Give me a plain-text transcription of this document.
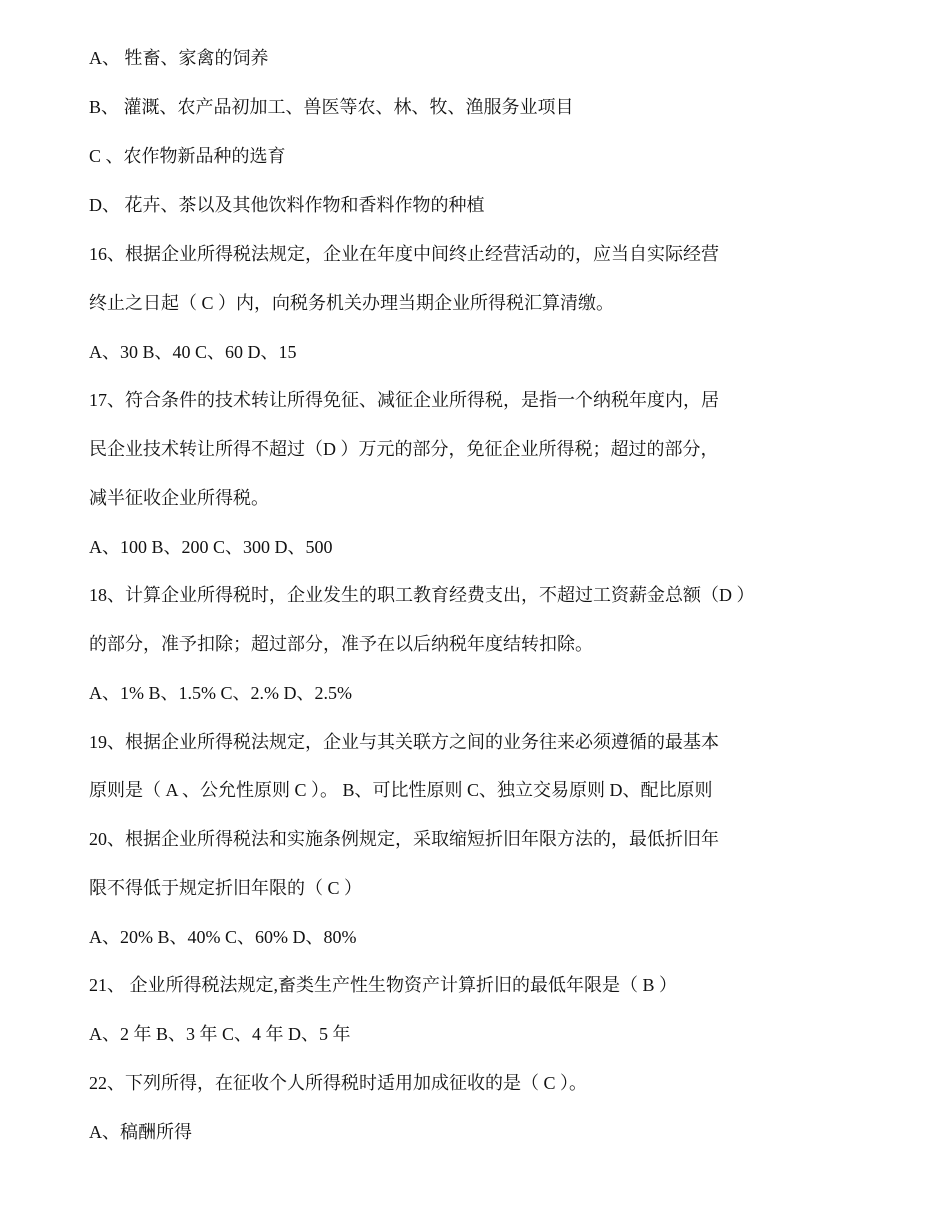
A、 牲畜、家禽的饲养
B、 灌溉、农产品初加工、兽医等农、林、牧、渔服务业项目
C 、农作物新品种的选育
D、 花卉、茶以及其他饮料作物和香料作物的种植
16、根据企业所得税法规定，企业在年度中间终止经营活动的，应当自实际经营
终止之日起（ C ）内，向税务机关办理当期企业所得税汇算清缴。
A、30 B、40 C、60 D、15
17、符合条件的技术转让所得免征、减征企业所得税，是指一个纳税年度内，居
民企业技术转让所得不超过（D ）万元的部分，免征企业所得税；超过的部分，
减半征收企业所得税。
A、100 B、200 C、300 D、500
18、计算企业所得税时，企业发生的职工教育经费支出，不超过工资薪金总额（D ）
的部分，准予扣除；超过部分，准予在以后纳税年度结转扣除。
A、1% B、1.5% C、2.% D、2.5%
19、根据企业所得税法规定，企业与其关联方之间的业务往来必须遵循的最基本
原则是（ A 、公允性原则 C ）。 B、可比性原则 C、独立交易原则 D、配比原则
20、根据企业所得税法和实施条例规定，采取缩短折旧年限方法的，最低折旧年
限不得低于规定折旧年限的（ C ）
A、20% B、40% C、60% D、80%
21、 企业所得税法规定,畜类生产性生物资产计算折旧的最低年限是（ B ）
A、2 年 B、3 年 C、4 年 D、5 年
22、下列所得，在征收个人所得税时适用加成征收的是（ C ）。
A、稿酬所得
